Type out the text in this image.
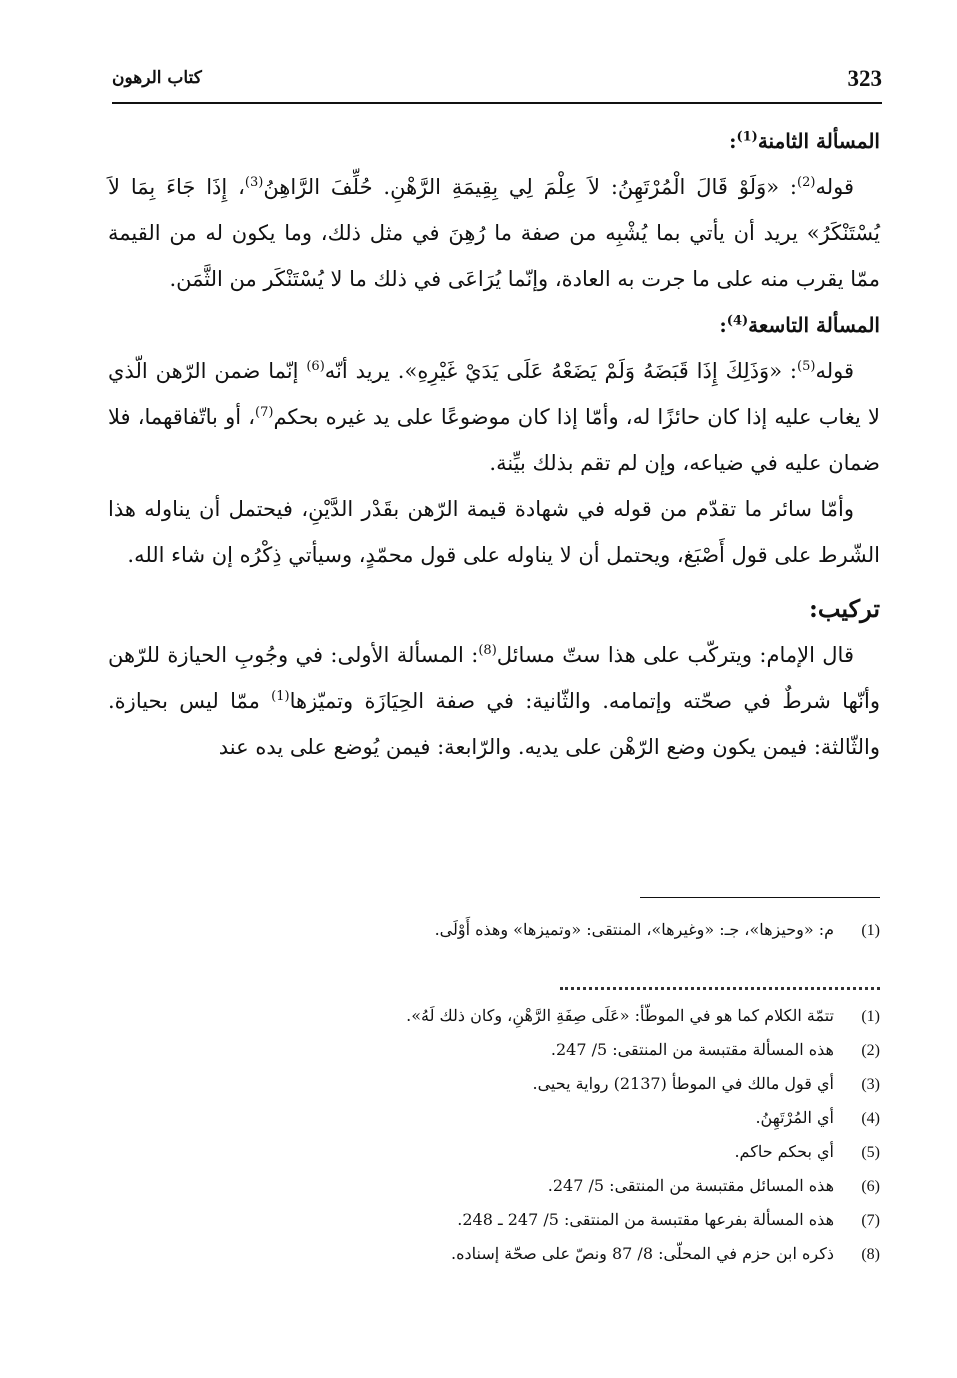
323
كتاب الرهون

المسألة الثامنة$^{(1)}$:

قوله$^{(2)}$: «وَلَوْ قَالَ الْمُرْتَهِنُ: لاَ عِلْمَ لِي بِقِيمَةِ الرَّهْنِ. حُلِّفَ الرَّاهِنُ$^{(3)}$، إِذَا جَاءَ بِمَا لاَ يُسْتَنْكَرُ» يريد أن يأتي بما يُشْبِه من صفة ما رُهِنَ في مثل ذلك، وما يكون له من القيمة ممّا يقرب منه على ما جرت به العادة، وإنّما يُرَاعَى في ذلك ما لا يُسْتَنْكَر من الثَّمَن.

المسألة التاسعة$^{(4)}$:

قوله$^{(5)}$: «وَذَلِكَ إِذَا قَبَضَهُ وَلَمْ يَضَعْهُ عَلَى يَدَيْ غَيْرِهِ». يريد أنّه$^{(6)}$ إنّما ضمن الرّهن الّذي لا يغاب عليه إذا كان حائزًا له، وأمّا إذا كان موضوعًا على يد غيره بحكم$^{(7)}$، أو باتّفاقهما، فلا ضمان عليه في ضياعه، وإن لم تقم بذلك بيِّنة.

وأمّا سائر ما تقدّم من قوله في شهادة قيمة الرّهن بقَدْر الدَّيْنِ، فيحتمل أن يناوله هذا الشّرط على قول أَصْبَغ، ويحتمل أن لا يناوله على قول محمّدٍ، وسيأتي ذِكْرُه إن شاء الله.

تركيب:

قال الإمام: ويتركّب على هذا ستّ مسائل$^{(8)}$: المسألة الأولى: في وجُوبِ الحيازة للرّهن وأنّها شرطٌ في صحّته وإتمامه. والثّانية: في صفة الحِيَازَة وتميّزها$^{(1)}$ ممّا ليس بحيازة. والثّالثة: فيمن يكون وضع الرّهْن على يديه. والرّابعة: فيمن يُوضع على يده عند

(1)
م: «وحيزها»، جـ: «وغيرها»، المنتقى: «وتميزها» وهذه أَوْلَى.
(1)
تتمّة الكلام كما هو في الموطّأ: «عَلَى صِفَةِ الرَّهْنِ، وكان ذلك لَهُ».
(2)
هذه المسألة مقتبسة من المنتقى: 5/ 247.
(3)
أي قول مالك في الموطأ (2137) رواية يحيى.
(4)
أي المُرْتَهِنُ.
(5)
أي بحكم حاكم.
(6)
هذه المسائل مقتبسة من المنتقى: 5/ 247.
(7)
هذه المسألة بفرعها مقتبسة من المنتقى: 5/ 247 ـ 248.
(8)
ذكره ابن حزم في المحلّى: 8/ 87 ونصّ على صحّة إسناده.
